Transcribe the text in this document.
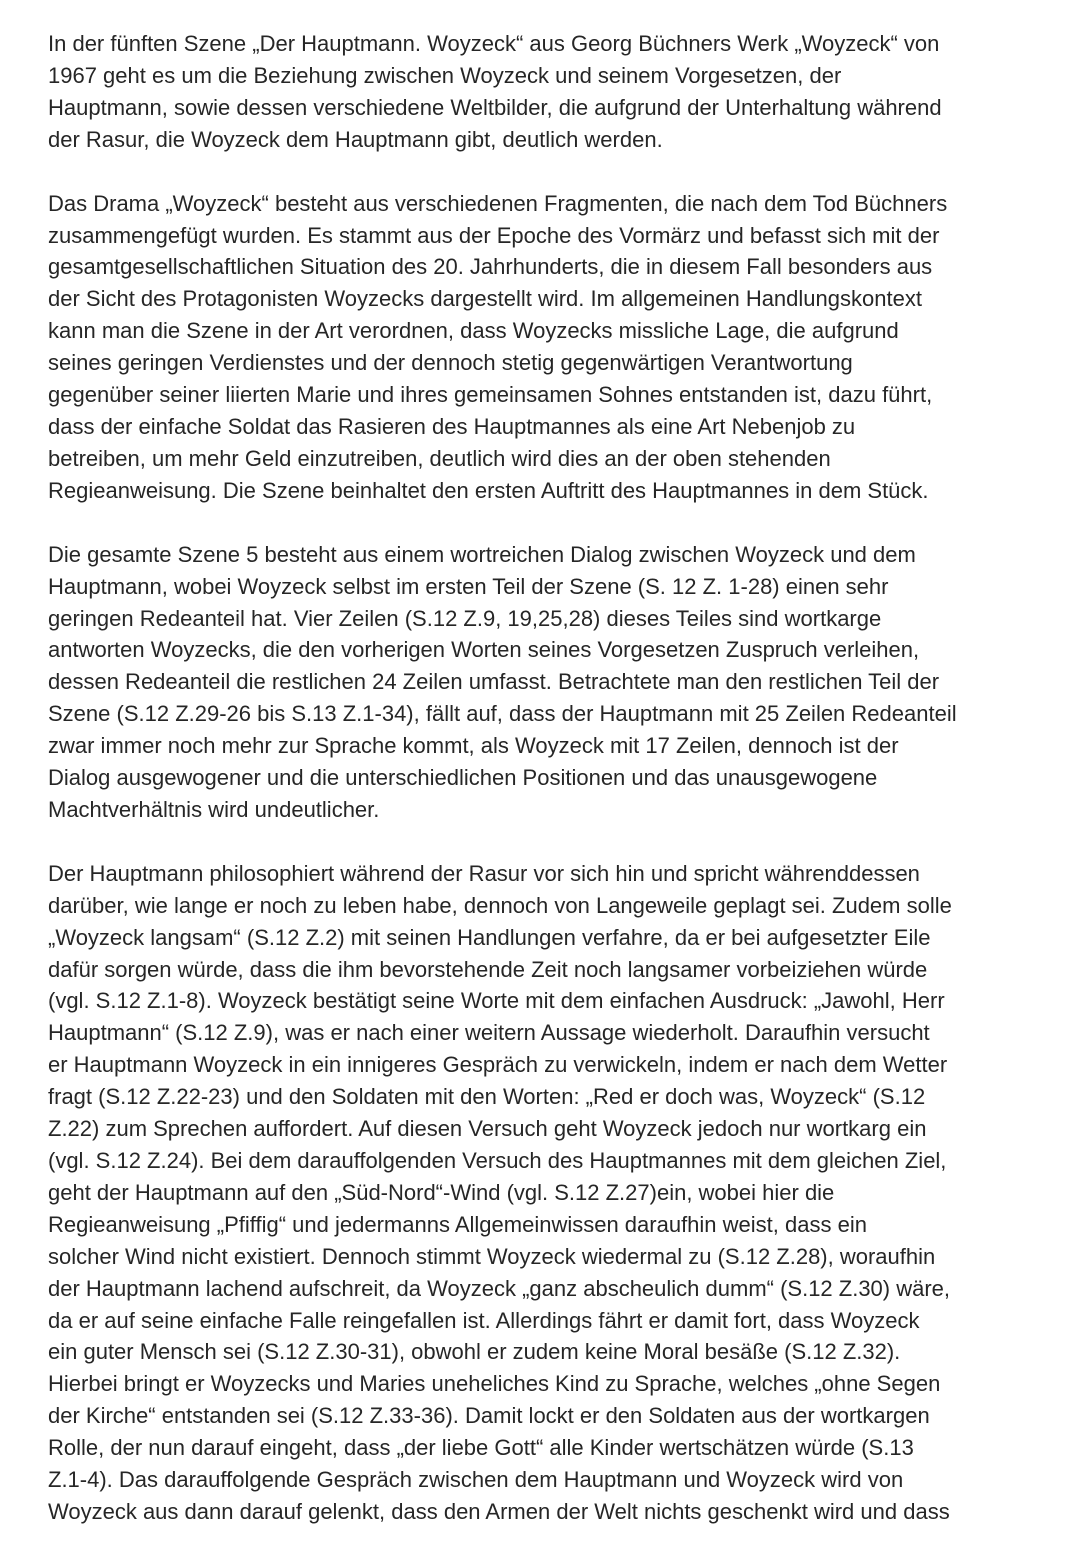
In der fünften Szene „Der Hauptmann. Woyzeck“ aus Georg Büchners Werk „Woyzeck“ von
1967 geht es um die Beziehung zwischen Woyzeck und seinem Vorgesetzen, der
Hauptmann, sowie dessen verschiedene Weltbilder, die aufgrund der Unterhaltung während
der Rasur, die Woyzeck dem Hauptmann gibt, deutlich werden.

Das Drama „Woyzeck“ besteht aus verschiedenen Fragmenten, die nach dem Tod Büchners
zusammengefügt wurden. Es stammt aus der Epoche des Vormärz und befasst sich mit der
gesamtgesellschaftlichen Situation des 20. Jahrhunderts, die in diesem Fall besonders aus
der Sicht des Protagonisten Woyzecks dargestellt wird. Im allgemeinen Handlungskontext
kann man die Szene in der Art verordnen, dass Woyzecks missliche Lage, die aufgrund
seines geringen Verdienstes und der dennoch stetig gegenwärtigen Verantwortung
gegenüber seiner liierten Marie und ihres gemeinsamen Sohnes entstanden ist, dazu führt,
dass der einfache Soldat das Rasieren des Hauptmannes als eine Art Nebenjob zu
betreiben, um mehr Geld einzutreiben, deutlich wird dies an der oben stehenden
Regieanweisung. Die Szene beinhaltet den ersten Auftritt des Hauptmannes in dem Stück.

Die gesamte Szene 5 besteht aus einem wortreichen Dialog zwischen Woyzeck und dem
Hauptmann, wobei Woyzeck selbst im ersten Teil der Szene (S. 12 Z. 1-28) einen sehr
geringen Redeanteil hat. Vier Zeilen (S.12 Z.9, 19,25,28) dieses Teiles sind wortkarge
antworten Woyzecks, die den vorherigen Worten seines Vorgesetzen Zuspruch verleihen,
dessen Redeanteil die restlichen 24 Zeilen umfasst. Betrachtete man den restlichen Teil der
Szene (S.12 Z.29-26 bis S.13 Z.1-34), fällt auf, dass der Hauptmann mit 25 Zeilen Redeanteil
zwar immer noch mehr zur Sprache kommt, als Woyzeck mit 17 Zeilen, dennoch ist der
Dialog ausgewogener und die unterschiedlichen Positionen und das unausgewogene
Machtverhältnis wird undeutlicher.

Der Hauptmann philosophiert während der Rasur vor sich hin und spricht währenddessen
darüber, wie lange er noch zu leben habe, dennoch von Langeweile geplagt sei. Zudem solle
„Woyzeck langsam“ (S.12 Z.2) mit seinen Handlungen verfahre, da er bei aufgesetzter Eile
dafür sorgen würde, dass die ihm bevorstehende Zeit noch langsamer vorbeiziehen würde
(vgl. S.12 Z.1-8). Woyzeck bestätigt seine Worte mit dem einfachen Ausdruck: „Jawohl, Herr
Hauptmann“ (S.12 Z.9), was er nach einer weitern Aussage wiederholt. Daraufhin versucht
er Hauptmann Woyzeck in ein innigeres Gespräch zu verwickeln, indem er nach dem Wetter
fragt (S.12 Z.22-23) und den Soldaten mit den Worten: „Red er doch was, Woyzeck“ (S.12
Z.22) zum Sprechen auffordert. Auf diesen Versuch geht Woyzeck jedoch nur wortkarg ein
(vgl. S.12 Z.24). Bei dem darauffolgenden Versuch des Hauptmannes mit dem gleichen Ziel,
geht der Hauptmann auf den „Süd-Nord“-Wind (vgl. S.12 Z.27)ein, wobei hier die
Regieanweisung „Pfiffig“ und jedermanns Allgemeinwissen daraufhin weist, dass ein
solcher Wind nicht existiert. Dennoch stimmt Woyzeck wiedermal zu (S.12 Z.28), woraufhin
der Hauptmann lachend aufschreit, da Woyzeck „ganz abscheulich dumm“ (S.12 Z.30) wäre,
da er auf seine einfache Falle reingefallen ist. Allerdings fährt er damit fort, dass Woyzeck
ein guter Mensch sei (S.12 Z.30-31), obwohl er zudem keine Moral besäße (S.12 Z.32).
Hierbei bringt er Woyzecks und Maries uneheliches Kind zu Sprache, welches „ohne Segen
der Kirche“ entstanden sei (S.12 Z.33-36). Damit lockt er den Soldaten aus der wortkargen
Rolle, der nun darauf eingeht, dass „der liebe Gott“ alle Kinder wertschätzen würde (S.13
Z.1-4). Das darauffolgende Gespräch zwischen dem Hauptmann und Woyzeck wird von
Woyzeck aus dann darauf gelenkt, dass den Armen der Welt nichts geschenkt wird und dass
